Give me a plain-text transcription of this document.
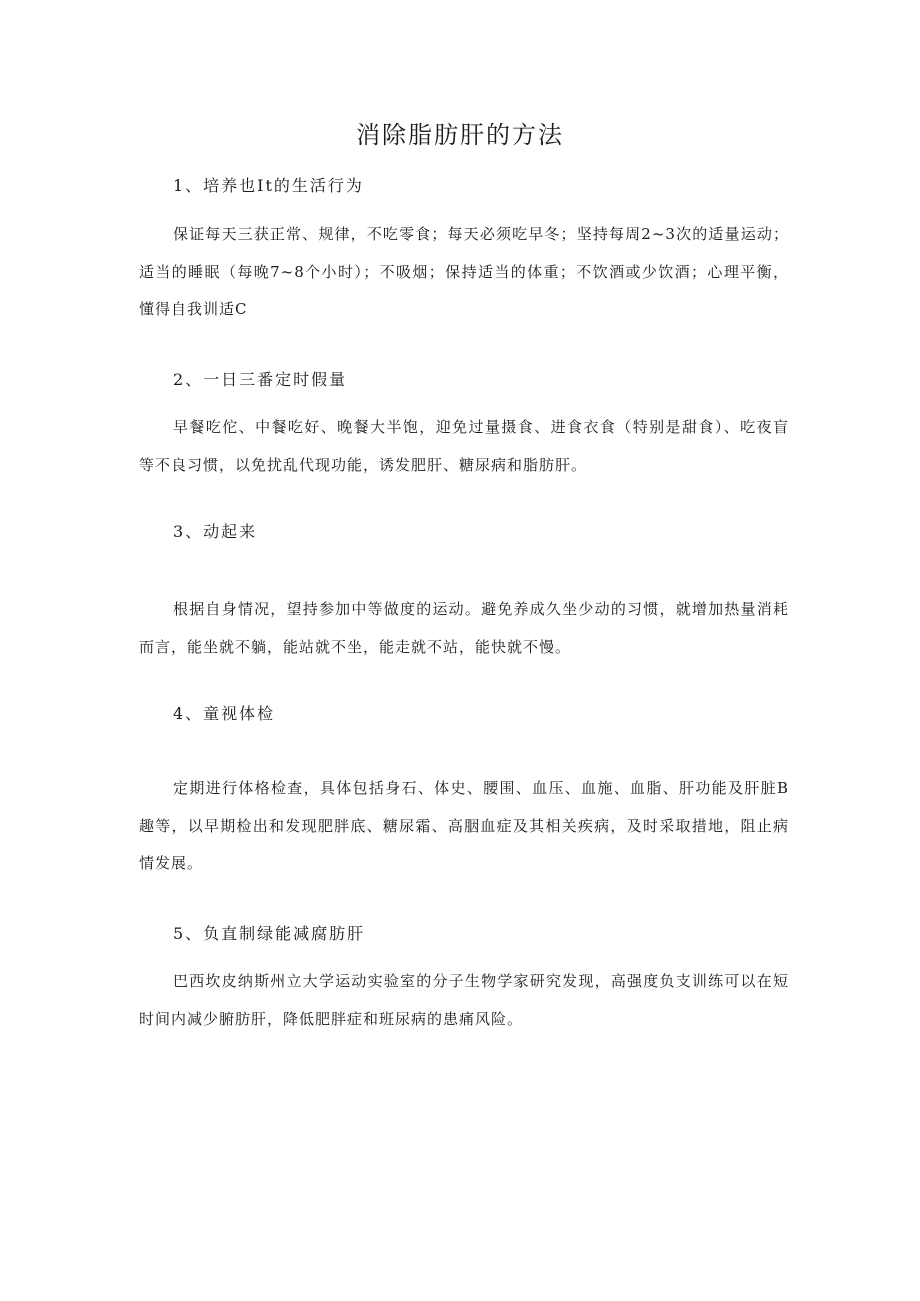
消除脂肪肝的方法
1、培养也It的生活行为
保证每天三获正常、规律，不吃零食；每天必须吃早冬；坚持每周2~3次的适量运动；适当的睡眠（每晚7~8个小时）；不吸烟；保持适当的体重；不饮酒或少饮酒；心理平衡，懂得自我训适C
2、一日三番定时假量
早餐吃佗、中餐吃好、晚餐大半饱，迎免过量摄食、进食衣食（特别是甜食）、吃夜盲等不良习惯，以免扰乱代现功能，诱发肥肝、糖尿病和脂肪肝。
3、动起来
根据自身情况，望持参加中等做度的运动。避免养成久坐少动的习惯，就增加热量消耗而言，能坐就不躺，能站就不坐，能走就不站，能快就不慢。
4、童视体检
定期进行体格检查，具体包括身石、体史、腰围、血压、血施、血脂、肝功能及肝脏B趣等，以早期检出和发现肥胖底、糖尿霜、高胭血症及其相关疾病，及时采取措地，阻止病情发展。
5、负直制绿能减腐肪肝
巴西坎皮纳斯州立大学运动实验室的分子生物学家研究发现，高强度负支训练可以在短时间内减少腑肪肝，降低肥胖症和班尿病的患痛风险。
